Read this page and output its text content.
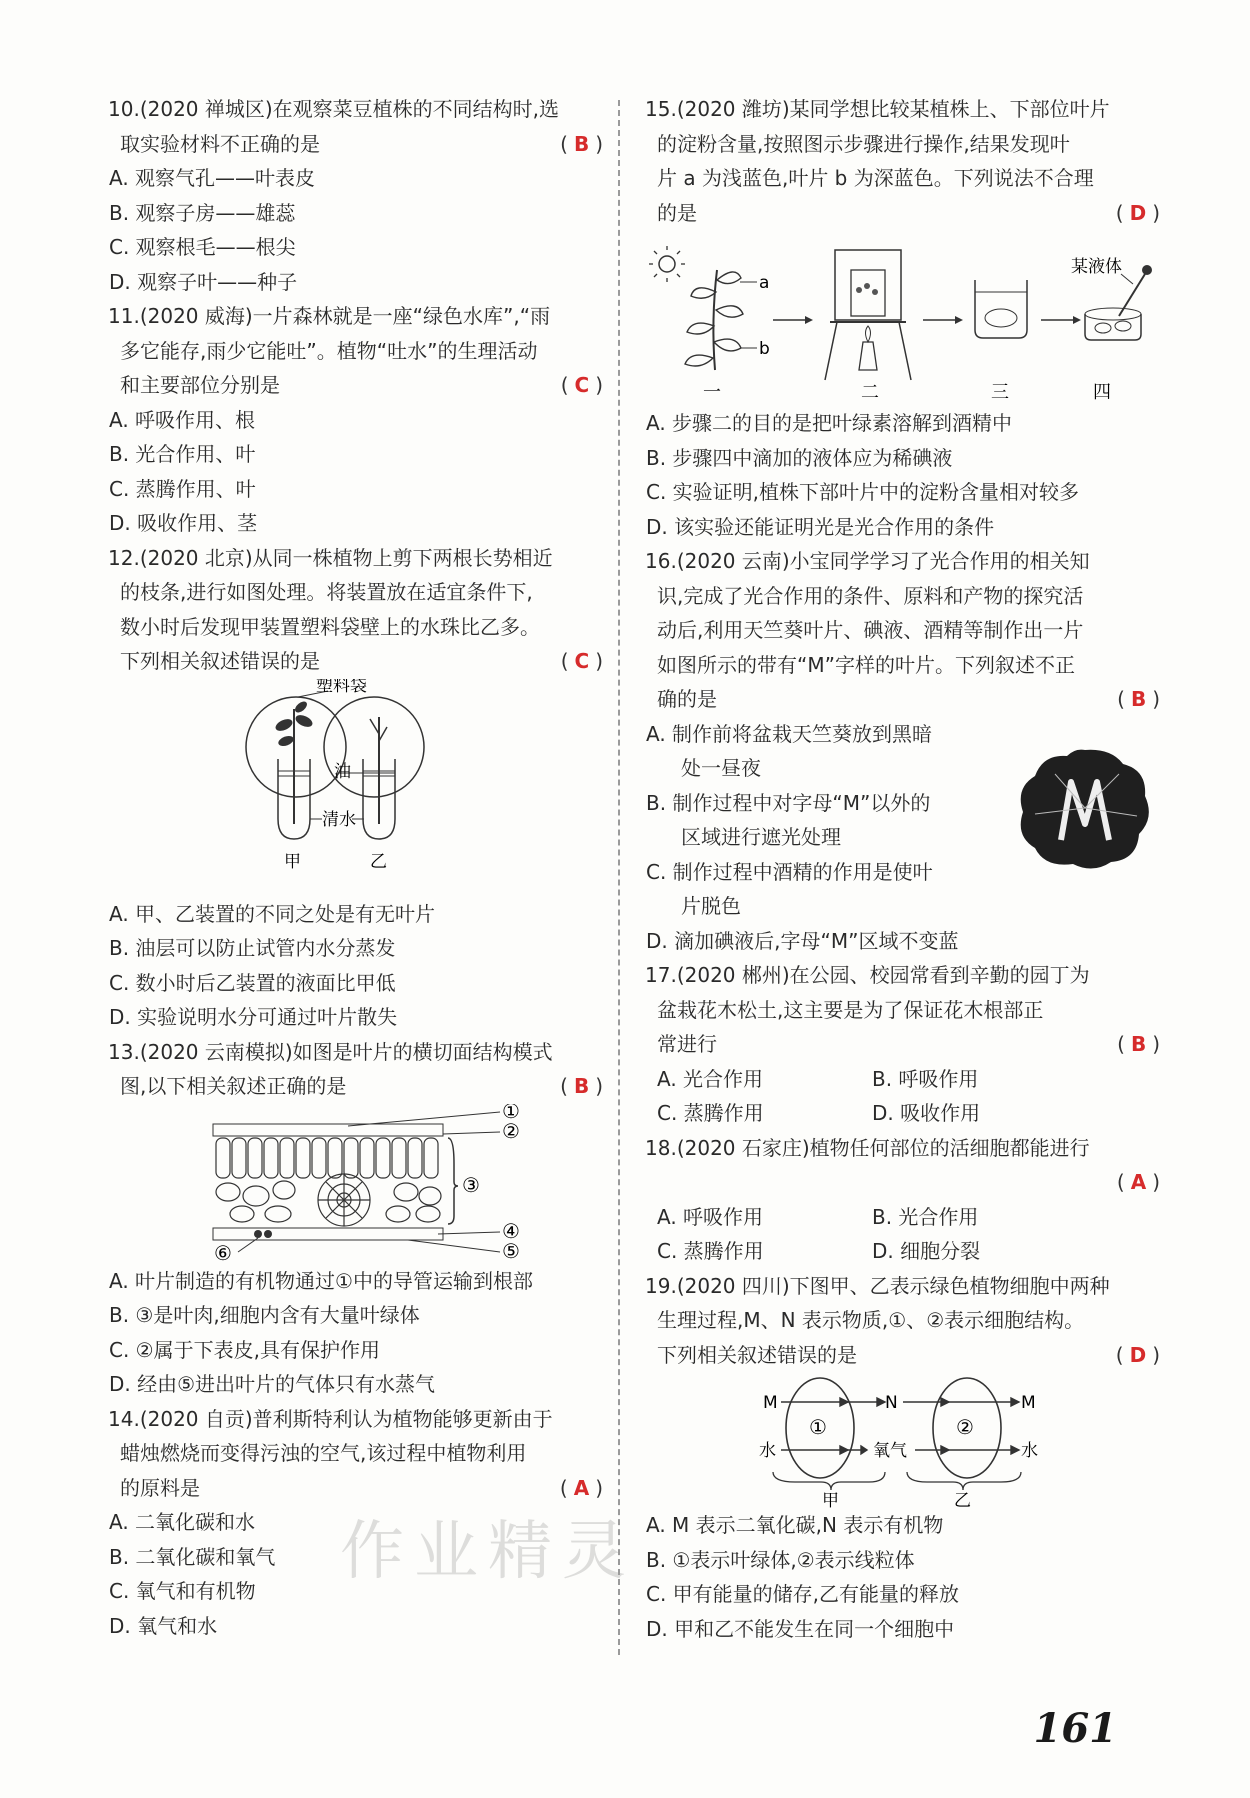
作业精灵
10.(2020 禅城区)在观察菜豆植株的不同结构时,选
取实验材料不正确的是	( B )
A. 观察气孔——叶表皮
B. 观察子房——雄蕊
C. 观察根毛——根尖
D. 观察子叶——种子
11.(2020 威海)一片森林就是一座“绿色水库”,“雨
多它能存,雨少它能吐”。植物“吐水”的生理活动
和主要部位分别是	( C )
A. 呼吸作用、根
B. 光合作用、叶
C. 蒸腾作用、叶
D. 吸收作用、茎
12.(2020 北京)从同一株植物上剪下两根长势相近
的枝条,进行如图处理。将装置放在适宜条件下,
数小时后发现甲装置塑料袋壁上的水珠比乙多。
下列相关叙述错误的是	( C )
塑料袋
油
清水
甲	乙
A. 甲、乙装置的不同之处是有无叶片
B. 油层可以防止试管内水分蒸发
C. 数小时后乙装置的液面比甲低
D. 实验说明水分可通过叶片散失
13.(2020 云南模拟)如图是叶片的横切面结构模式
图,以下相关叙述正确的是	( B )
①
②
③
④
⑤
⑥
A. 叶片制造的有机物通过①中的导管运输到根部
B. ③是叶肉,细胞内含有大量叶绿体
C. ②属于下表皮,具有保护作用
D. 经由⑤进出叶片的气体只有水蒸气
14.(2020 自贡)普利斯特利认为植物能够更新由于
蜡烛燃烧而变得污浊的空气,该过程中植物利用
的原料是	( A )
A. 二氧化碳和水
B. 二氧化碳和氧气
C. 氧气和有机物
D. 氧气和水
15.(2020 潍坊)某同学想比较某植株上、下部位叶片
的淀粉含量,按照图示步骤进行操作,结果发现叶
片 a 为浅蓝色,叶片 b 为深蓝色。下列说法不合理
的是	( D )
a
b
某液体
一	二	三	四
A. 步骤二的目的是把叶绿素溶解到酒精中
B. 步骤四中滴加的液体应为稀碘液
C. 实验证明,植株下部叶片中的淀粉含量相对较多
D. 该实验还能证明光是光合作用的条件
16.(2020 云南)小宝同学学习了光合作用的相关知
识,完成了光合作用的条件、原料和产物的探究活
动后,利用天竺葵叶片、碘液、酒精等制作出一片
如图所示的带有“M”字样的叶片。下列叙述不正
确的是	( B )
A. 制作前将盆栽天竺葵放到黑暗
处一昼夜
B. 制作过程中对字母“M”以外的
区域进行遮光处理
C. 制作过程中酒精的作用是使叶
片脱色
D. 滴加碘液后,字母“M”区域不变蓝
17.(2020 郴州)在公园、校园常看到辛勤的园丁为
盆栽花木松土,这主要是为了保证花木根部正
常进行	( B )
A. 光合作用	B. 呼吸作用
C. 蒸腾作用	D. 吸收作用
18.(2020 石家庄)植物任何部位的活细胞都能进行
( A )
A. 呼吸作用	B. 光合作用
C. 蒸腾作用	D. 细胞分裂
19.(2020 四川)下图甲、乙表示绿色植物细胞中两种
生理过程,M、N 表示物质,①、②表示细胞结构。
下列相关叙述错误的是	( D )
①	②
M
水
N
氧气
M
水
甲	乙
A. M 表示二氧化碳,N 表示有机物
B. ①表示叶绿体,②表示线粒体
C. 甲有能量的储存,乙有能量的释放
D. 甲和乙不能发生在同一个细胞中
161
